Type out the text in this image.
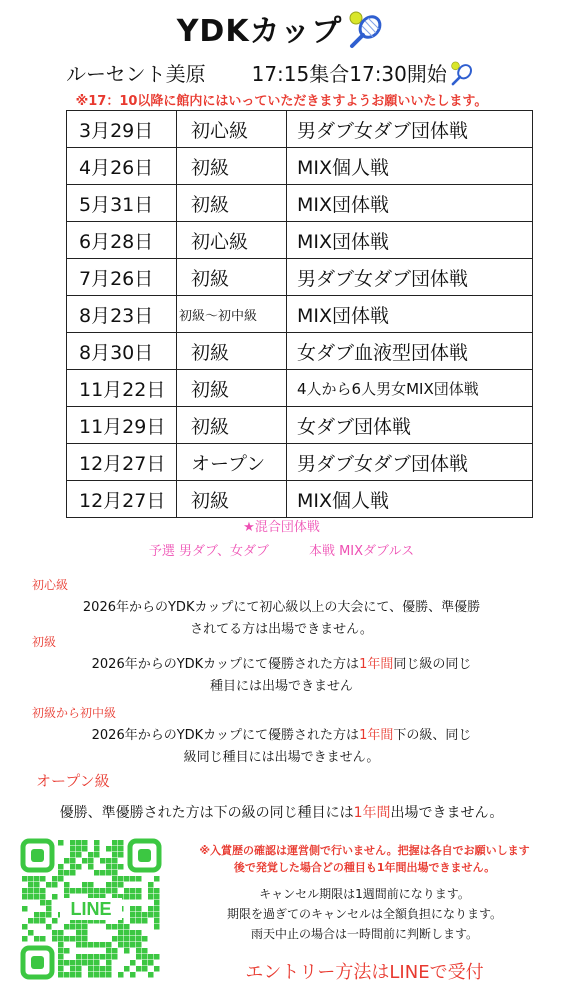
YDKカップ
ルーセント美原 17:15集合17:30開始
※17：10以降に館内にはいっていただきますようお願いいたします。
3月29日	初心級	男ダブ女ダブ団体戦
4月26日	初級	MIX個人戦
5月31日	初級	MIX団体戦
6月28日	初心級	MIX団体戦
7月26日	初級	男ダブ女ダブ団体戦
8月23日	初級～初中級	MIX団体戦
8月30日	初級	女ダブ血液型団体戦
11月22日	初級	4人から6人男女MIX団体戦
11月29日	初級	女ダブ団体戦
12月27日	オープン	男ダブ女ダブ団体戦
12月27日	初級	MIX個人戦
★混合団体戦
予選 男ダブ、女ダブ	本戦 MIXダブルス
初心級
2026年からのYDKカップにて初心級以上の大会にて、優勝、準優勝
されてる方は出場できません。
初級
2026年からのYDKカップにて優勝された方は1年間同じ級の同じ
種目には出場できません
初級から初中級
2026年からのYDKカップにて優勝された方は1年間下の級、同じ
級同じ種目には出場できません。
オープン級
優勝、準優勝された方は下の級の同じ種目には1年間出場できません。
LINE
※入賞歴の確認は運営側で行いません。把握は各自でお願いします
後で発覚した場合どの種目も1年間出場できません。
キャンセル期限は1週間前になります。
期限を過ぎてのキャンセルは全額負担になります。
雨天中止の場合は一時間前に判断します。
エントリー方法はLINEで受付
